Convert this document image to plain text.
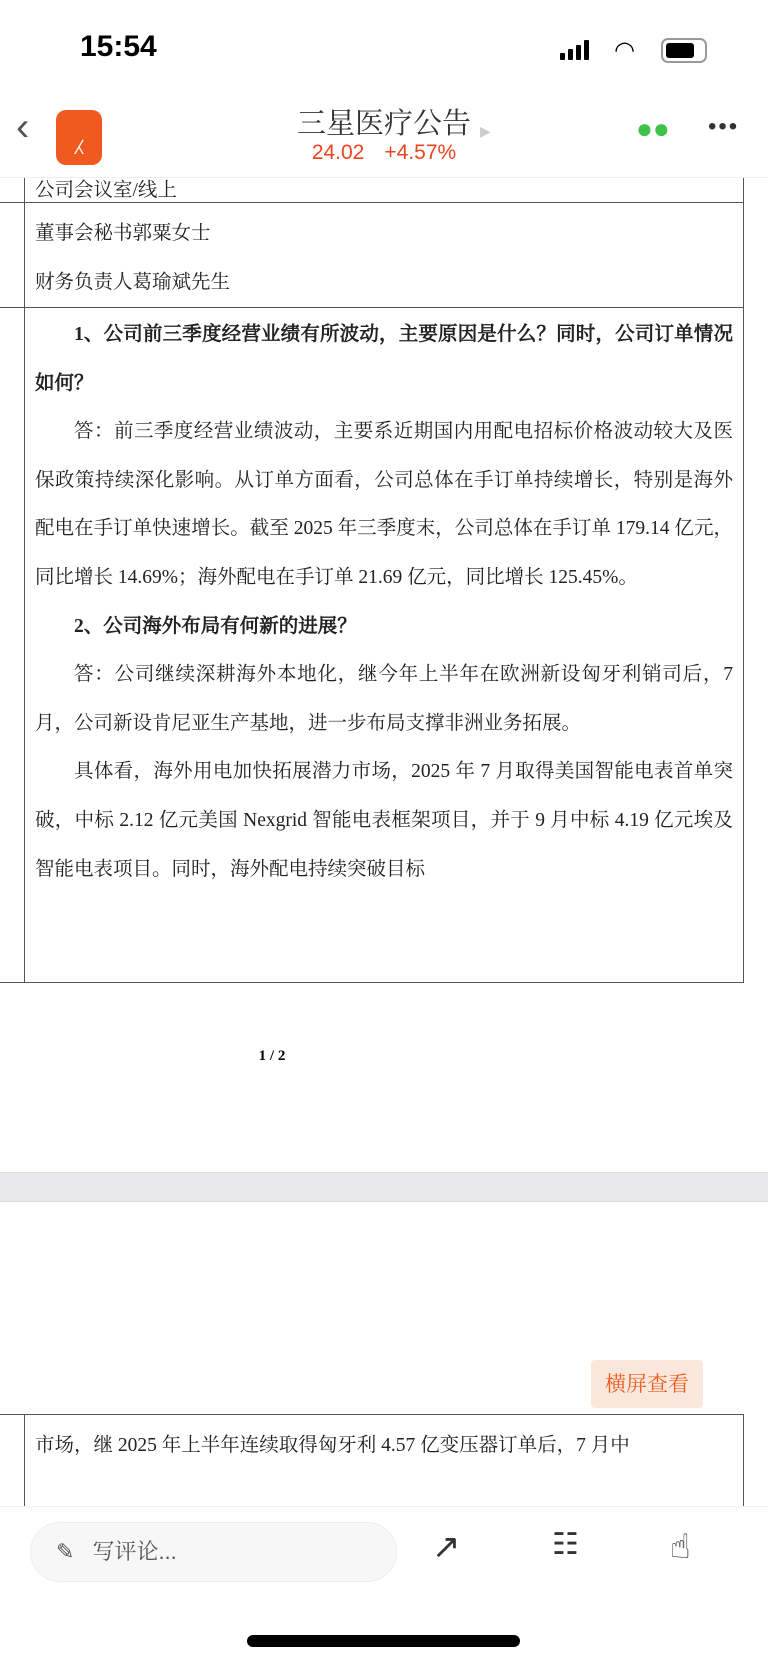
15:54	◠
‹	⁁	三星医疗公告 ▶
24.02 +4.57%
●● •••
公司会议室/线上
董事会秘书郭粟女士
财务负责人葛瑜斌先生
1、公司前三季度经营业绩有所波动，主要原因是什么？同时，公司订单情况如何？
答：前三季度经营业绩波动，主要系近期国内用配电招标价格波动较大及医保政策持续深化影响。从订单方面看，公司总体在手订单持续增长，特别是海外配电在手订单快速增长。截至 2025 年三季度末，公司总体在手订单 179.14 亿元，同比增长 14.69%；海外配电在手订单 21.69 亿元，同比增长 125.45%。
2、公司海外布局有何新的进展？
答：公司继续深耕海外本地化，继今年上半年在欧洲新设匈牙利销司后，7 月，公司新设肯尼亚生产基地，进一步布局支撑非洲业务拓展。
具体看，海外用电加快拓展潜力市场，2025 年 7 月取得美国智能电表首单突破，中标 2.12 亿元美国 Nexgrid 智能电表框架项目，并于 9 月中标 4.19 亿元埃及智能电表项目。同时，海外配电持续突破目标
1 / 2
市场，继 2025 年上半年连续取得匈牙利 4.57 亿变压器订单后，7 月中
横屏查看
✎ 写评论...	↗	☷	☝
